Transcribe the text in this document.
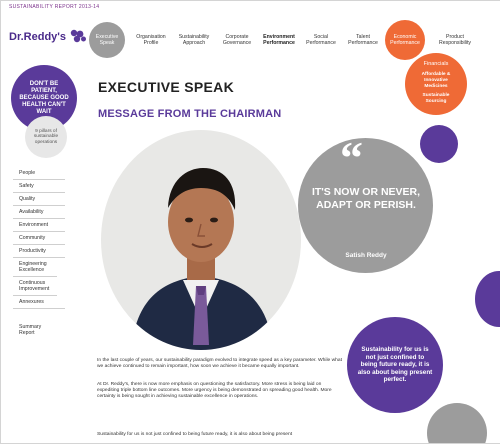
SUSTAINABILITY REPORT 2013-14
Dr.Reddy's	Executive Speak
Organisation Profile
Sustainability Approach
Corporate Governance
Environment Performance
Social Performance
Talent Performance
Economic Performance
Product Responsibility
Financials
Affordable & Innovative Medicines
Sustainable Sourcing
DON'T BE PATIENT, BECAUSE GOOD HEALTH CAN'T WAIT
9 pillars of sustainable operations
People
Safety
Quality
Availability
Environment
Community
Productivity
Engineering Excellence
Continuous Improvement
Annexures
Summary Report
EXECUTIVE SPEAK
MESSAGE FROM THE CHAIRMAN
“
IT'S NOW OR NEVER, ADAPT OR PERISH.
Satish Reddy
Sustainability for us is not just confined to being future ready, it is also about being present perfect.

In the last couple of years, our sustainability paradigm evolved to integrate speed as a key parameter. While what we achieve continued to remain important, how soon we achieve it became equally important.

At Dr. Reddy's, there is now more emphasis on questioning the satisfactory. More stress is being laid on expediting triple bottom line outcomes. More urgency is being demonstrated on spreading good health. More certainty is being sought in achieving sustainable excellence in operations.

Sustainability for us is not just confined to being future ready, it is also about being present
